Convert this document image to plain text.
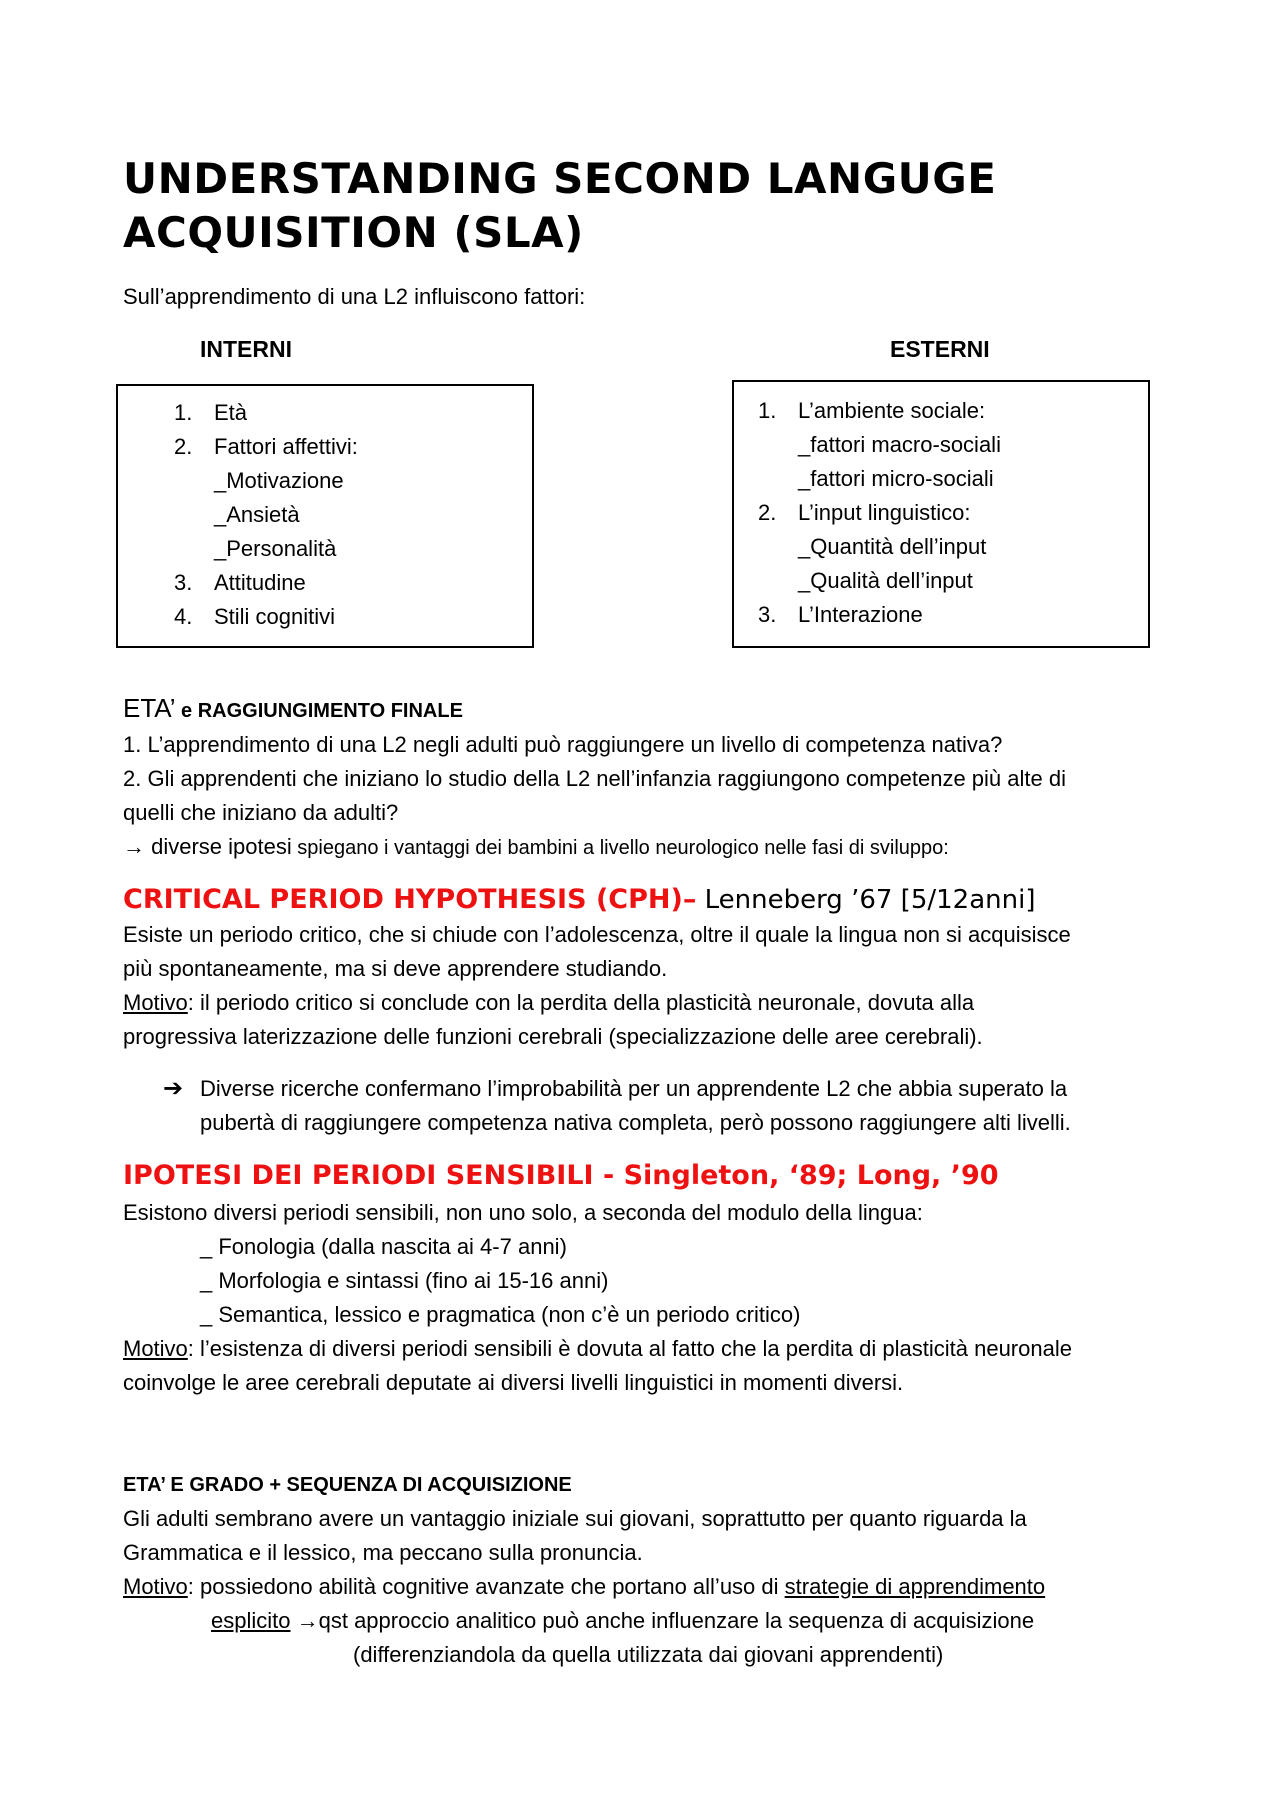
UNDERSTANDING SECOND LANGUGE
ACQUISITION (SLA)
Sull’apprendimento di una L2 influiscono fattori:
INTERNI
1. Età
2. Fattori affettivi:
_Motivazione
_Ansietà
_Personalità
3. Attitudine
4. Stili cognitivi
ESTERNI
1. L’ambiente sociale:
_fattori macro-sociali
_fattori micro-sociali
2. L’input linguistico:
_Quantità dell’input
_Qualità dell’input
3. L’Interazione
ETA’ e RAGGIUNGIMENTO FINALE
1. L’apprendimento di una L2 negli adulti può raggiungere un livello di competenza nativa?
2. Gli apprendenti che iniziano lo studio della L2 nell’infanzia raggiungono competenze più alte di
quelli che iniziano da adulti?
→ diverse ipotesi spiegano i vantaggi dei bambini a livello neurologico nelle fasi di sviluppo:
CRITICAL PERIOD HYPOTHESIS (CPH)– Lenneberg ’67 [5/12anni]
Esiste un periodo critico, che si chiude con l’adolescenza, oltre il quale la lingua non si acquisisce
più spontaneamente, ma si deve apprendere studiando.
Motivo: il periodo critico si conclude con la perdita della plasticità neuronale, dovuta alla
progressiva laterizzazione delle funzioni cerebrali (specializzazione delle aree cerebrali).
➔ Diverse ricerche confermano l’improbabilità per un apprendente L2 che abbia superato la
pubertà di raggiungere competenza nativa completa, però possono raggiungere alti livelli.
IPOTESI DEI PERIODI SENSIBILI - Singleton, ‘89; Long, ’90
Esistono diversi periodi sensibili, non uno solo, a seconda del modulo della lingua:
_ Fonologia (dalla nascita ai 4-7 anni)
_ Morfologia e sintassi (fino ai 15-16 anni)
_ Semantica, lessico e pragmatica (non c’è un periodo critico)
Motivo: l’esistenza di diversi periodi sensibili è dovuta al fatto che la perdita di plasticità neuronale
coinvolge le aree cerebrali deputate ai diversi livelli linguistici in momenti diversi.
ETA’ E GRADO + SEQUENZA DI ACQUISIZIONE
Gli adulti sembrano avere un vantaggio iniziale sui giovani, soprattutto per quanto riguarda la
Grammatica e il lessico, ma peccano sulla pronuncia.
Motivo: possiedono abilità cognitive avanzate che portano all’uso di strategie di apprendimento
esplicito →qst approccio analitico può anche influenzare la sequenza di acquisizione
(differenziandola da quella utilizzata dai giovani apprendenti)
